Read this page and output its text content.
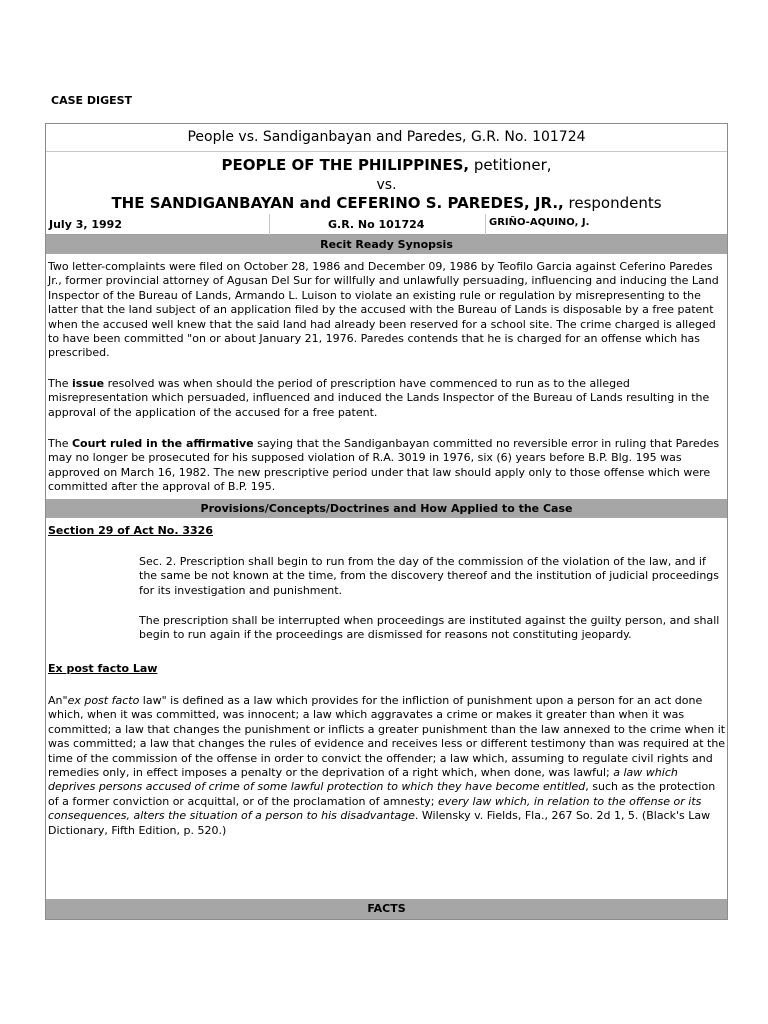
CASE DIGEST
People vs. Sandiganbayan and Paredes, G.R. No. 101724
PEOPLE OF THE PHILIPPINES, petitioner,
vs.
THE SANDIGANBAYAN and CEFERINO S. PAREDES, JR., respondents
July 3, 1992	G.R. No 101724	GRIÑO-AQUINO, J.
Recit Ready Synopsis

Two letter-complaints were filed on October 28, 1986 and December 09, 1986 by Teofilo Garcia against Ceferino Paredes Jr., former provincial attorney of Agusan Del Sur for willfully and unlawfully persuading, influencing and inducing the Land Inspector of the Bureau of Lands, Armando L. Luison to violate an existing rule or regulation by misrepresenting to the latter that the land subject of an application filed by the accused with the Bureau of Lands is disposable by a free patent when the accused well knew that the said land had already been reserved for a school site. The crime charged is alleged to have been committed "on or about January 21, 1976. Paredes contends that he is charged for an offense which has prescribed.

The issue resolved was when should the period of prescription have commenced to run as to the alleged misrepresentation which persuaded, influenced and induced the Lands Inspector of the Bureau of Lands resulting in the approval of the application of the accused for a free patent.

The Court ruled in the affirmative saying that the Sandiganbayan committed no reversible error in ruling that Paredes may no longer be prosecuted for his supposed violation of R.A. 3019 in 1976, six (6) years before B.P. Blg. 195 was approved on March 16, 1982. The new prescriptive period under that law should apply only to those offense which were committed after the approval of B.P. 195.

Provisions/Concepts/Doctrines and How Applied to the Case
Section 29 of Act No. 3326

Sec. 2. Prescription shall begin to run from the day of the commission of the violation of the law, and if the same be not known at the time, from the discovery thereof and the institution of judicial proceedings for its investigation and punishment.

The prescription shall be interrupted when proceedings are instituted against the guilty person, and shall begin to run again if the proceedings are dismissed for reasons not constituting jeopardy.

Ex post facto Law

An"ex post facto law" is defined as a law which provides for the infliction of punishment upon a person for an act done which, when it was committed, was innocent; a law which aggravates a crime or makes it greater than when it was committed; a law that changes the punishment or inflicts a greater punishment than the law annexed to the crime when it was committed; a law that changes the rules of evidence and receives less or different testimony than was required at the time of the commission of the offense in order to convict the offender; a law which, assuming to regulate civil rights and remedies only, in effect imposes a penalty or the deprivation of a right which, when done, was lawful; a law which deprives persons accused of crime of some lawful protection to which they have become entitled, such as the protection of a former conviction or acquittal, or of the proclamation of amnesty; every law which, in relation to the offense or its consequences, alters the situation of a person to his disadvantage. Wilensky v. Fields, Fla., 267 So. 2d 1, 5. (Black's Law Dictionary, Fifth Edition, p. 520.)

FACTS
